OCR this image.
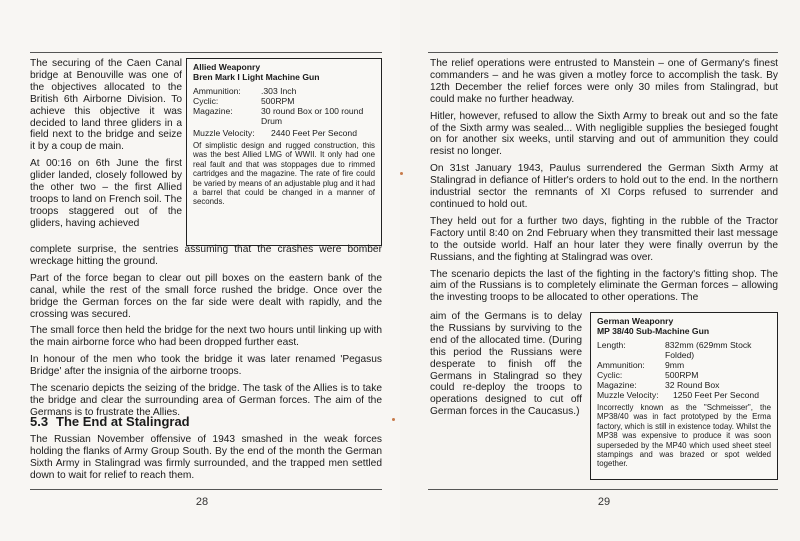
The securing of the Caen Canal bridge at Benouville was one of the objectives allocated to the British 6th Airborne Division. To achieve this objective it was decided to land three gliders in a field next to the bridge and seize it by a coup de main.

At 00:16 on 6th June the first glider landed, closely followed by the other two – the first Allied troops to land on French soil. The troops staggered out of the gliders, having achieved

Allied Weaponry

Bren Mark I Light Machine Gun

Ammunition:	.303 Inch
Cyclic:	500RPM
Magazine:	30 round Box or 100 round Drum
Muzzle Velocity:	2440 Feet Per Second

Of simplistic design and rugged construction, this was the best Allied LMG of WWII. It only had one real fault and that was stoppages due to rimmed cartridges and the magazine. The rate of fire could be varied by means of an adjustable plug and it had a barrel that could be changed in a manner of seconds.

complete surprise, the sentries assuming that the crashes were bomber wreckage hitting the ground.

Part of the force began to clear out pill boxes on the eastern bank of the canal, while the rest of the small force rushed the bridge. Once over the bridge the German forces on the far side were dealt with rapidly, and the crossing was secured.

The small force then held the bridge for the next two hours until linking up with the main airborne force who had been dropped further east.

In honour of the men who took the bridge it was later renamed 'Pegasus Bridge' after the insignia of the airborne troops.

The scenario depicts the seizing of the bridge. The task of the Allies is to take the bridge and clear the surrounding area of German forces. The aim of the Germans is to frustrate the Allies.

5.3 The End at Stalingrad

The Russian November offensive of 1943 smashed in the weak forces holding the flanks of Army Group South. By the end of the month the German Sixth Army in Stalingrad was firmly surrounded, and the trapped men settled down to wait for relief to reach them.

28

The relief operations were entrusted to Manstein – one of Germany's finest commanders – and he was given a motley force to accomplish the task. By 12th December the relief forces were only 30 miles from Stalingrad, but could make no further headway.

Hitler, however, refused to allow the Sixth Army to break out and so the fate of the Sixth army was sealed... With negligible supplies the besieged fought on for another six weeks, until starving and out of ammunition they could resist no longer.

On 31st January 1943, Paulus surrendered the German Sixth Army at Stalingrad in defiance of Hitler's orders to hold out to the end. In the northern industrial sector the remnants of XI Corps refused to surrender and continued to hold out.

They held out for a further two days, fighting in the rubble of the Tractor Factory until 8:40 on 2nd February when they transmitted their last message to the outside world. Half an hour later they were finally overrun by the Russians, and the fighting at Stalingrad was over.

The scenario depicts the last of the fighting in the factory's fitting shop. The aim of the Russians is to completely eliminate the German forces – allowing the investing troops to be allocated to other operations. The

aim of the Germans is to delay the Russians by surviving to the end of the allocated time. (During this period the Russians were desperate to finish off the Germans in Stalingrad so they could re-deploy the troops to operations designed to cut off German forces in the Caucasus.)

German Weaponry

MP 38/40 Sub-Machine Gun

Length:	832mm (629mm Stock Folded)
Ammunition:	9mm
Cyclic:	500RPM
Magazine:	32 Round Box
Muzzle Velocity:	1250 Feet Per Second

Incorrectly known as the "Schmeisser", the MP38/40 was in fact prototyped by the Erma factory, which is still in existence today. Whilst the MP38 was expensive to produce it was soon superseded by the MP40 which used sheet steel stampings and was brazed or spot welded together.

29
